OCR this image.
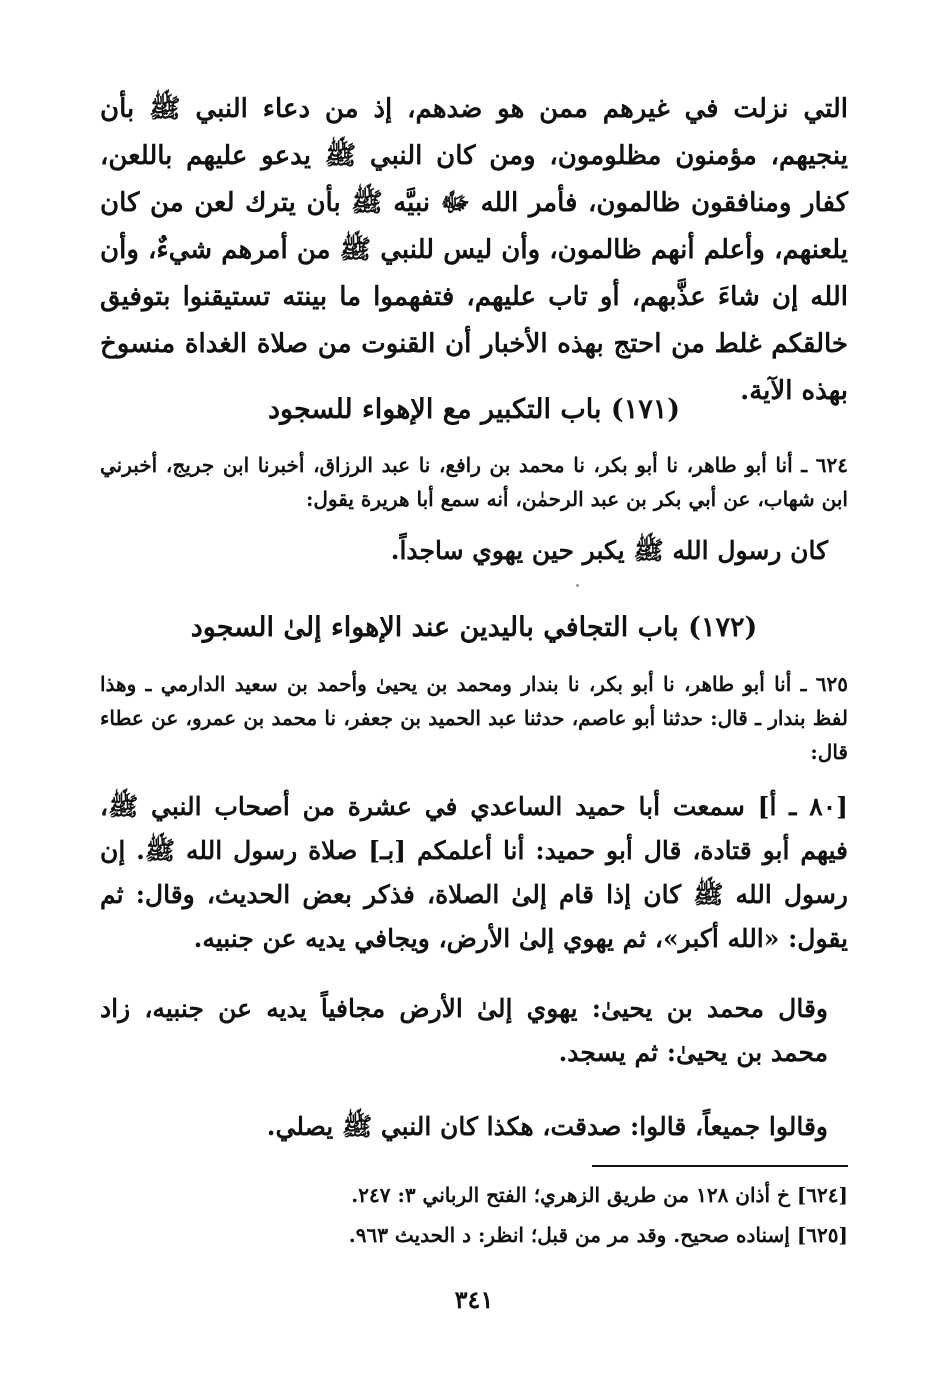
التي نزلت في غيرهم ممن هو ضدهم، إذ من دعاء النبي ﷺ بأن ينجيهم، مؤمنون مظلومون، ومن كان النبي ﷺ يدعو عليهم باللعن، كفار ومنافقون ظالمون، فأمر الله ﷻ نبيَّه ﷺ بأن يترك لعن من كان يلعنهم، وأعلم أنهم ظالمون، وأن ليس للنبي ﷺ من أمرهم شيءٌ، وأن الله إن شاءَ عذَّبهم، أو تاب عليهم، فتفهموا ما بينته تستيقنوا بتوفيق خالقكم غلط من احتج بهذه الأخبار أن القنوت من صلاة الغداة منسوخ بهذه الآية.
(١٧١) باب التكبير مع الإهواء للسجود
٦٢٤ ـ أنا أبو طاهر، نا أبو بكر، نا محمد بن رافع، نا عبد الرزاق، أخبرنا ابن جريج، أخبرني ابن شهاب، عن أبي بكر بن عبد الرحمٰن، أنه سمع أبا هريرة يقول:
كان رسول الله ﷺ يكبر حين يهوي ساجداً.
(١٧٢) باب التجافي باليدين عند الإهواء إلىٰ السجود
٦٢٥ ـ أنا أبو طاهر، نا أبو بكر، نا بندار ومحمد بن يحيىٰ وأحمد بن سعيد الدارمي ـ وهذا لفظ بندار ـ قال: حدثنا أبو عاصم، حدثنا عبد الحميد بن جعفر، نا محمد بن عمرو، عن عطاء قال:
[٨٠ ـ أ] سمعت أبا حميد الساعدي في عشرة من أصحاب النبي ﷺ، فيهم أبو قتادة، قال أبو حميد: أنا أعلمكم [بـ] صلاة رسول الله ﷺ. إن رسول الله ﷺ كان إذا قام إلىٰ الصلاة، فذكر بعض الحديث، وقال: ثم يقول: «الله أكبر»، ثم يهوي إلىٰ الأرض، ويجافي يديه عن جنبيه.
وقال محمد بن يحيىٰ: يهوي إلىٰ الأرض مجافياً يديه عن جنبيه، زاد محمد بن يحيىٰ: ثم يسجد.
وقالوا جميعاً، قالوا: صدقت، هكذا كان النبي ﷺ يصلي.
[٦٢٤] خ أذان ١٢٨ من طريق الزهري؛ الفتح الرباني ٣: ٢٤٧.
[٦٢٥] إسناده صحيح. وقد مر من قبل؛ انظر: د الحديث ٩٦٣.
٣٤١
